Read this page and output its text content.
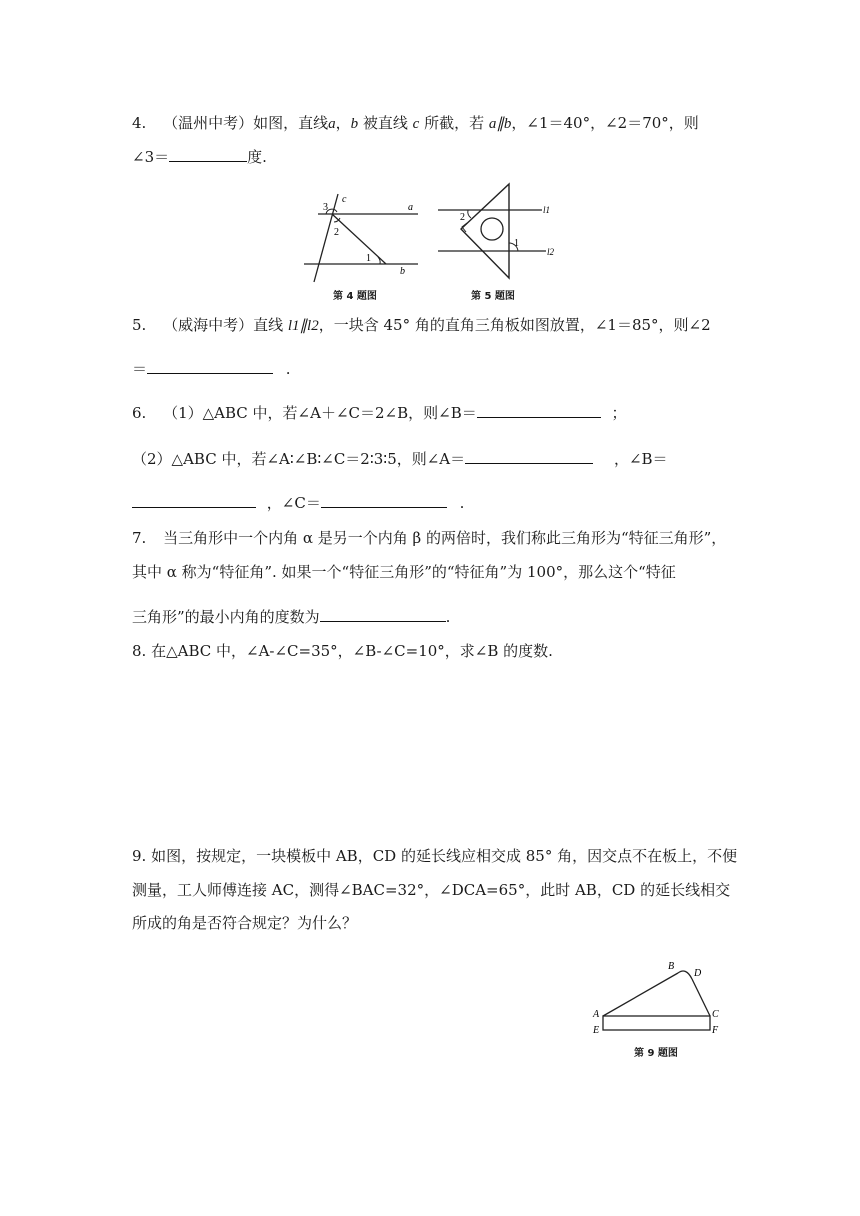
4. （温州中考）如图，直线a，b 被直线 c 所截，若 a∥b，∠1＝40°，∠2＝70°，则
∠3＝	度.
3
c
a
2
1
b
第 4 题图
2
l1
1
l2
第 5 题图
5. （威海中考）直线 l1∥l2，一块含 45° 角的直角三角板如图放置，∠1＝85°，则∠2
＝	.
6. （1）△ABC 中，若∠A＋∠C＝2∠B，则∠B＝	；
（2）△ABC 中，若∠A∶∠B∶∠C＝2∶3∶5，则∠A＝	，∠B＝
，∠C＝	.
7. 当三角形中一个内角 α 是另一个内角 β 的两倍时，我们称此三角形为“特征三角形”，
其中 α 称为“特征角”. 如果一个“特征三角形”的“特征角”为 100°，那么这个“特征
三角形”的最小内角的度数为	.
8. 在△ABC 中，∠A-∠C=35°，∠B-∠C=10°，求∠B 的度数.
9. 如图，按规定，一块模板中 AB，CD 的延长线应相交成 85° 角，因交点不在板上，不便
测量，工人师傅连接 AC，测得∠BAC=32°，∠DCA=65°，此时 AB，CD 的延长线相交
所成的角是否符合规定？为什么？
B
D
A	C
E	F
第 9 题图
